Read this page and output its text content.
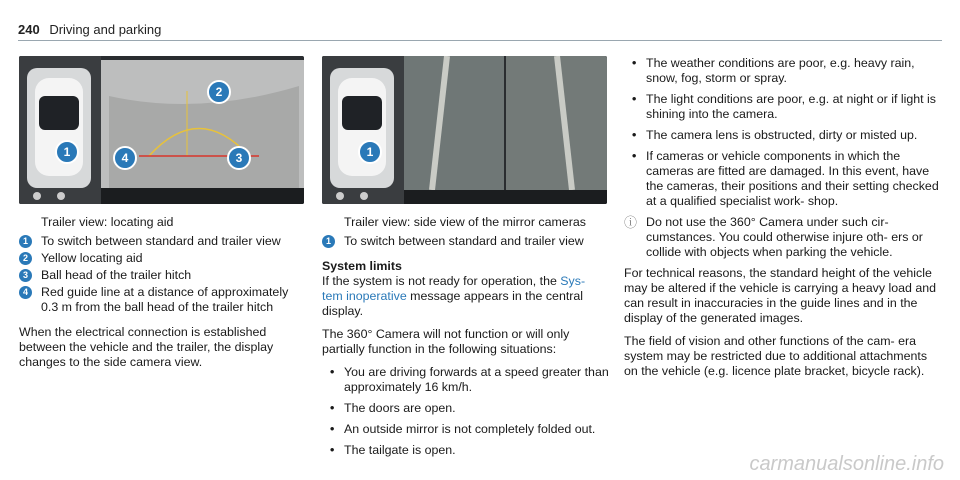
240 Driving and parking
1
2
3
4	1
Trailer view: locating aid
1	To switch between standard and trailer view
2	Yellow locating aid
3	Ball head of the trailer hitch
4	Red guide line at a distance of approximately 0.3 m from the ball head of the trailer hitch

When the electrical connection is established between the vehicle and the trailer, the display changes to the side camera view.

Trailer view: side view of the mirror cameras
1	To switch between standard and trailer view
System limits

If the system is not ready for operation, the Sys- tem inoperative message appears in the central display.

The 360° Camera will not function or will only partially function in the following situations:

• You are driving forwards at a speed greater than approximately 16 km/h.
• The doors are open.
• An outside mirror is not completely folded out.
• The tailgate is open.
• The weather conditions are poor, e.g. heavy rain, snow, fog, storm or spray.
• The light conditions are poor, e.g. at night or if light is shining into the camera.
• The camera lens is obstructed, dirty or misted up.
• If cameras or vehicle components in which the cameras are fitted are damaged. In this event, have the cameras, their positions and their setting checked at a qualified specialist work- shop.
ⓘ Do not use the 360° Camera under such cir- cumstances. You could otherwise injure oth- ers or collide with objects when parking the vehicle.

For technical reasons, the standard height of the vehicle may be altered if the vehicle is carrying a heavy load and can result in inaccuracies in the guide lines and in the display of the generated images.

The field of vision and other functions of the cam- era system may be restricted due to additional attachments on the vehicle (e.g. licence plate bracket, bicycle rack).

carmanualsonline.info
